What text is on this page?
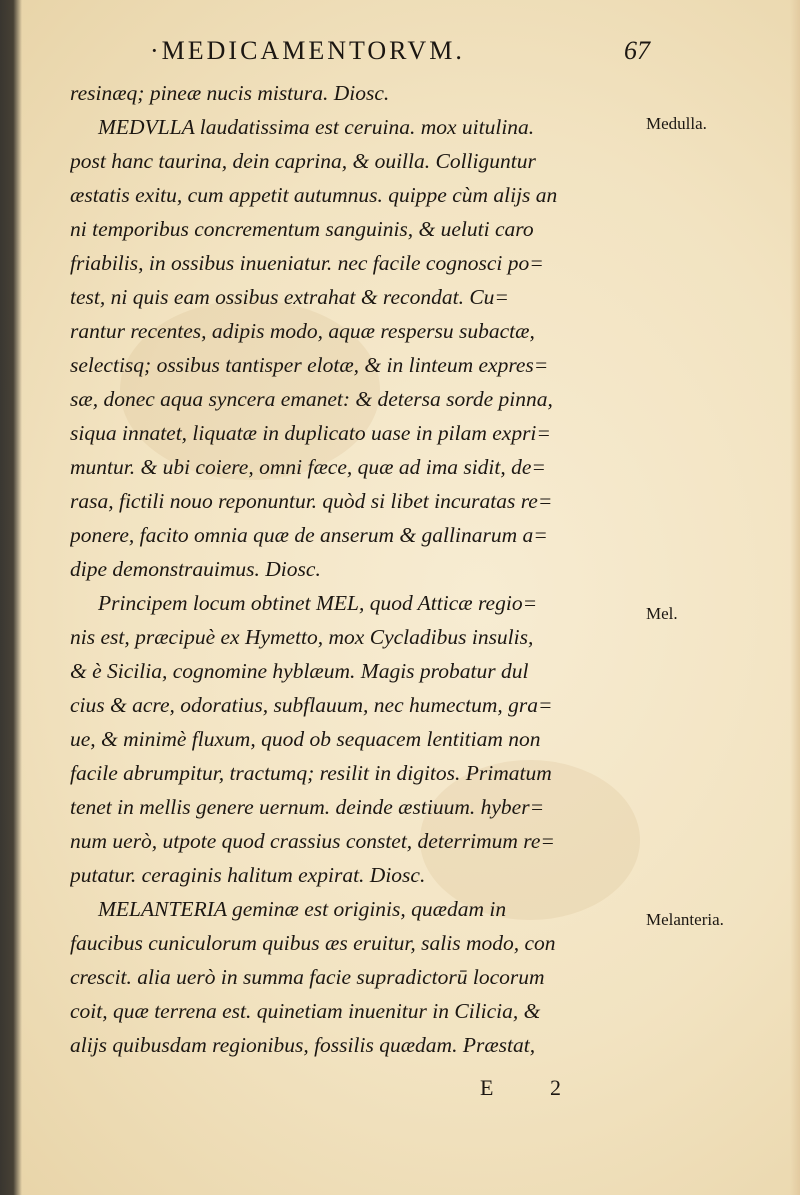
·MEDICAMENTORVM.	67
resinæq; pineæ nucis mistura. Diosc.
MEDVLLA laudatissima est ceruina. mox uitulina.
post hanc taurina, dein caprina, & ouilla. Colliguntur
æstatis exitu, cum appetit autumnus. quippe cùm alijs an
ni temporibus concrementum sanguinis, & ueluti caro
friabilis, in ossibus inueniatur. nec facile cognosci po=
test, ni quis eam ossibus extrahat & recondat. Cu=
rantur recentes, adipis modo, aquæ respersu subactæ,
selectisq; ossibus tantisper elotæ, & in linteum expres=
sæ, donec aqua syncera emanet: & detersa sorde pinna,
siqua innatet, liquatæ in duplicato uase in pilam expri=
muntur. & ubi coiere, omni fæce, quæ ad ima sidit, de=
rasa, fictili nouo reponuntur. quòd si libet incuratas re=
ponere, facito omnia quæ de anserum & gallinarum a=
dipe demonstrauimus. Diosc.
Principem locum obtinet MEL, quod Atticæ regio=
nis est, præcipuè ex Hymetto, mox Cycladibus insulis,
& è Sicilia, cognomine hyblæum. Magis probatur dul
cius & acre, odoratius, subflauum, nec humectum, gra=
ue, & minimè fluxum, quod ob sequacem lentitiam non
facile abrumpitur, tractumq; resilit in digitos. Primatum
tenet in mellis genere uernum. deinde æstiuum. hyber=
num uerò, utpote quod crassius constet, deterrimum re=
putatur. ceraginis halitum expirat. Diosc.
MELANTERIA geminæ est originis, quædam in
faucibus cuniculorum quibus æs eruitur, salis modo, con
crescit. alia uerò in summa facie supradictorū locorum
coit, quæ terrena est. quinetiam inuenitur in Cilicia, &
alijs quibusdam regionibus, fossilis quædam. Præstat,
Medulla.
Mel.
Melanteria.
E	2
